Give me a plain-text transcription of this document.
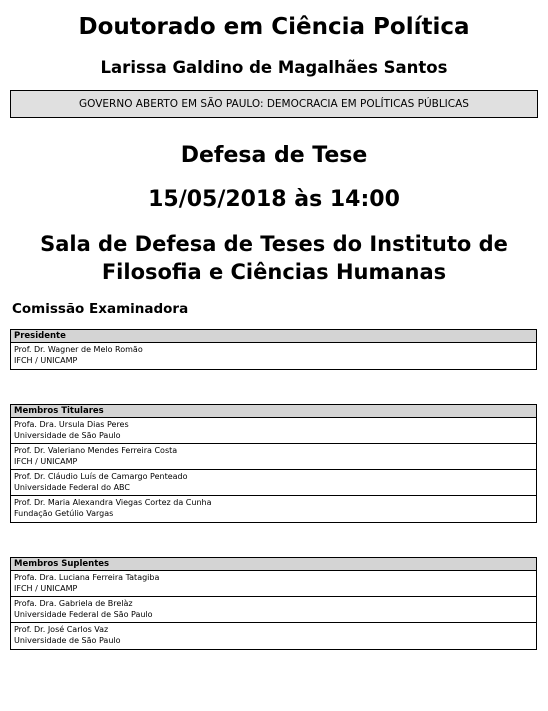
Doutorado em Ciência Política
Larissa Galdino de Magalhães Santos
GOVERNO ABERTO EM SÃO PAULO: DEMOCRACIA EM POLÍTICAS PÚBLICAS
Defesa de Tese
15/05/2018 às 14:00
Sala de Defesa de Teses do Instituto de Filosofia e Ciências Humanas
Comissão Examinadora
Presidente
Prof. Dr. Wagner de Melo Romão
IFCH / UNICAMP
Membros Titulares
Profa. Dra. Ursula Dias Peres
Universidade de São Paulo
Prof. Dr. Valeriano Mendes Ferreira Costa
IFCH / UNICAMP
Prof. Dr. Cláudio Luís de Camargo Penteado
Universidade Federal do ABC
Prof. Dr. Maria Alexandra Viegas Cortez da Cunha
Fundação Getúlio Vargas
Membros Suplentes
Profa. Dra. Luciana Ferreira Tatagiba
IFCH / UNICAMP
Profa. Dra. Gabriela de Brelàz
Universidade Federal de São Paulo
Prof. Dr. José Carlos Vaz
Universidade de São Paulo
